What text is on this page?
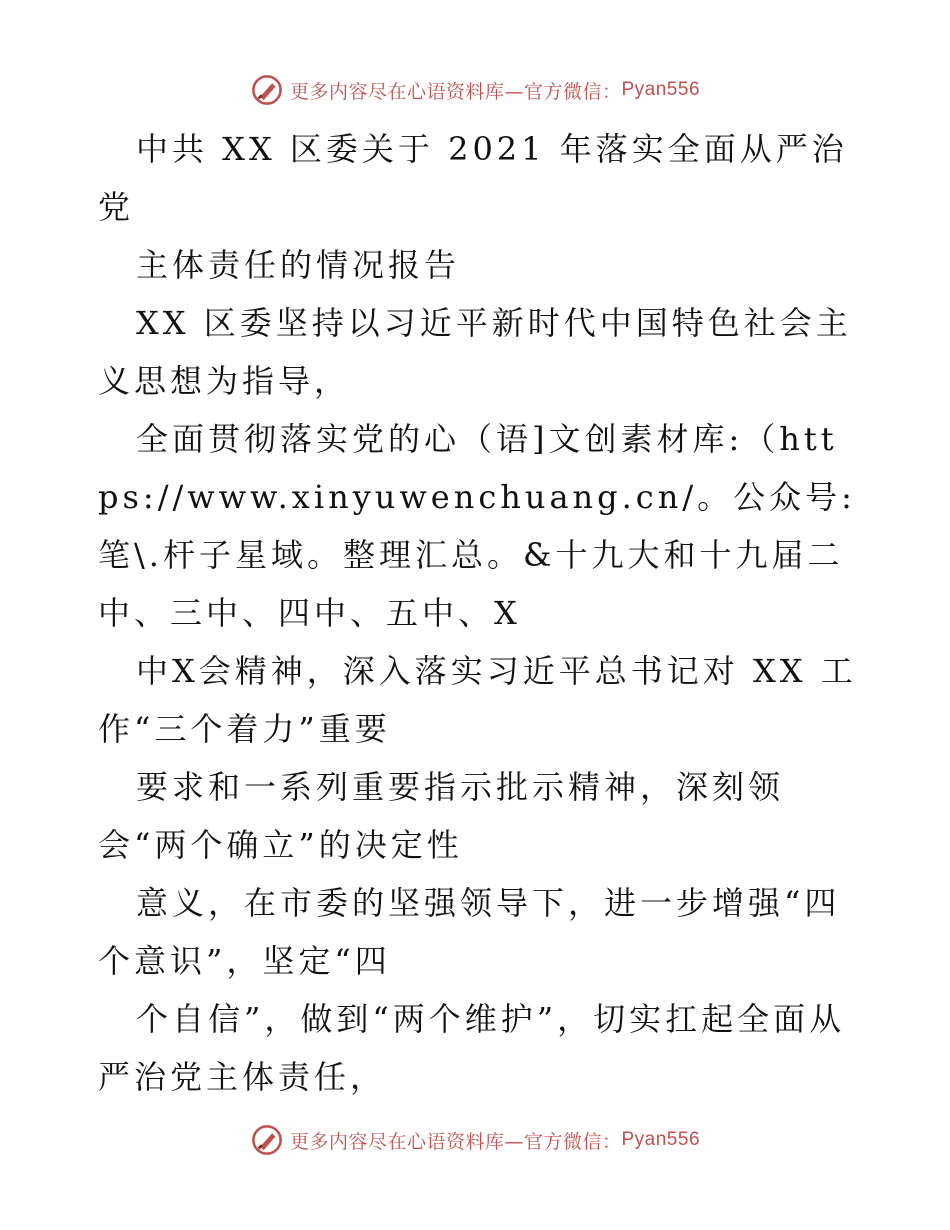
更多内容尽在心语资料库—官方微信： Pyan556

中共 XX 区委关于 2021 年落实全面从严治党

主体责任的情况报告

XX 区委坚持以习近平新时代中国特色社会主义思想为指导，

全面贯彻落实党的心（语]文创素材库:（https://www.xinyuwenchuang.cn/。公众号: 笔\.杆子星域。整理汇总。&十九大和十九届二中、三中、四中、五中、X

中X会精神，深入落实习近平总书记对 XX 工作“三个着力”重要

要求和一系列重要指示批示精神，深刻领会“两个确立”的决定性

意义，在市委的坚强领导下，进一步增强“四个意识”，坚定“四

个自信”，做到“两个维护”，切实扛起全面从严治党主体责任，

更多内容尽在心语资料库—官方微信： Pyan556
